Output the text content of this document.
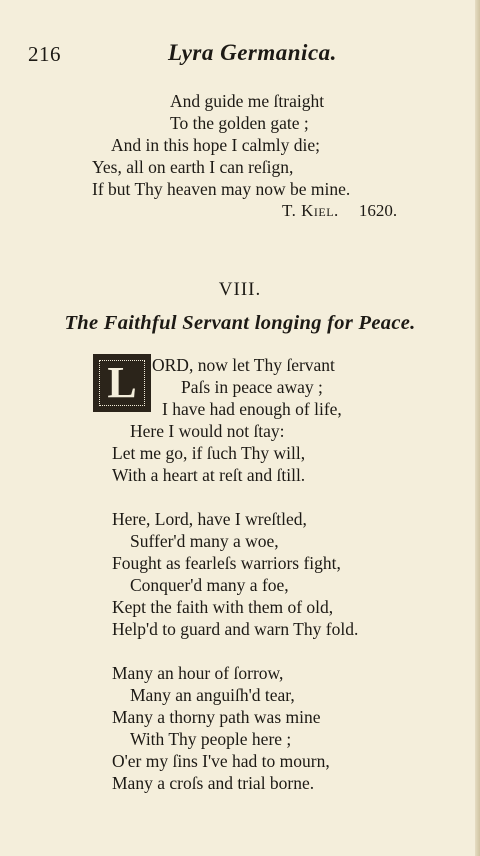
216	Lyra Germanica.
And guide me ſtraight
To the golden gate ;
And in this hope I calmly die;
Yes, all on earth I can reſign,
If but Thy heaven may now be mine.
T. Kiel. 1620.
VIII.
The Faithful Servant longing for Peace.
L ORD, now let Thy ſervant
Paſs in peace away ;
I have had enough of life,
Here I would not ſtay:
Let me go, if ſuch Thy will,
With a heart at reſt and ſtill.
Here, Lord, have I wreſtled,
Suffer'd many a woe,
Fought as fearleſs warriors fight,
Conquer'd many a foe,
Kept the faith with them of old,
Help'd to guard and warn Thy fold.
Many an hour of ſorrow,
Many an anguiſh'd tear,
Many a thorny path was mine
With Thy people here ;
O'er my ſins I've had to mourn,
Many a croſs and trial borne.
